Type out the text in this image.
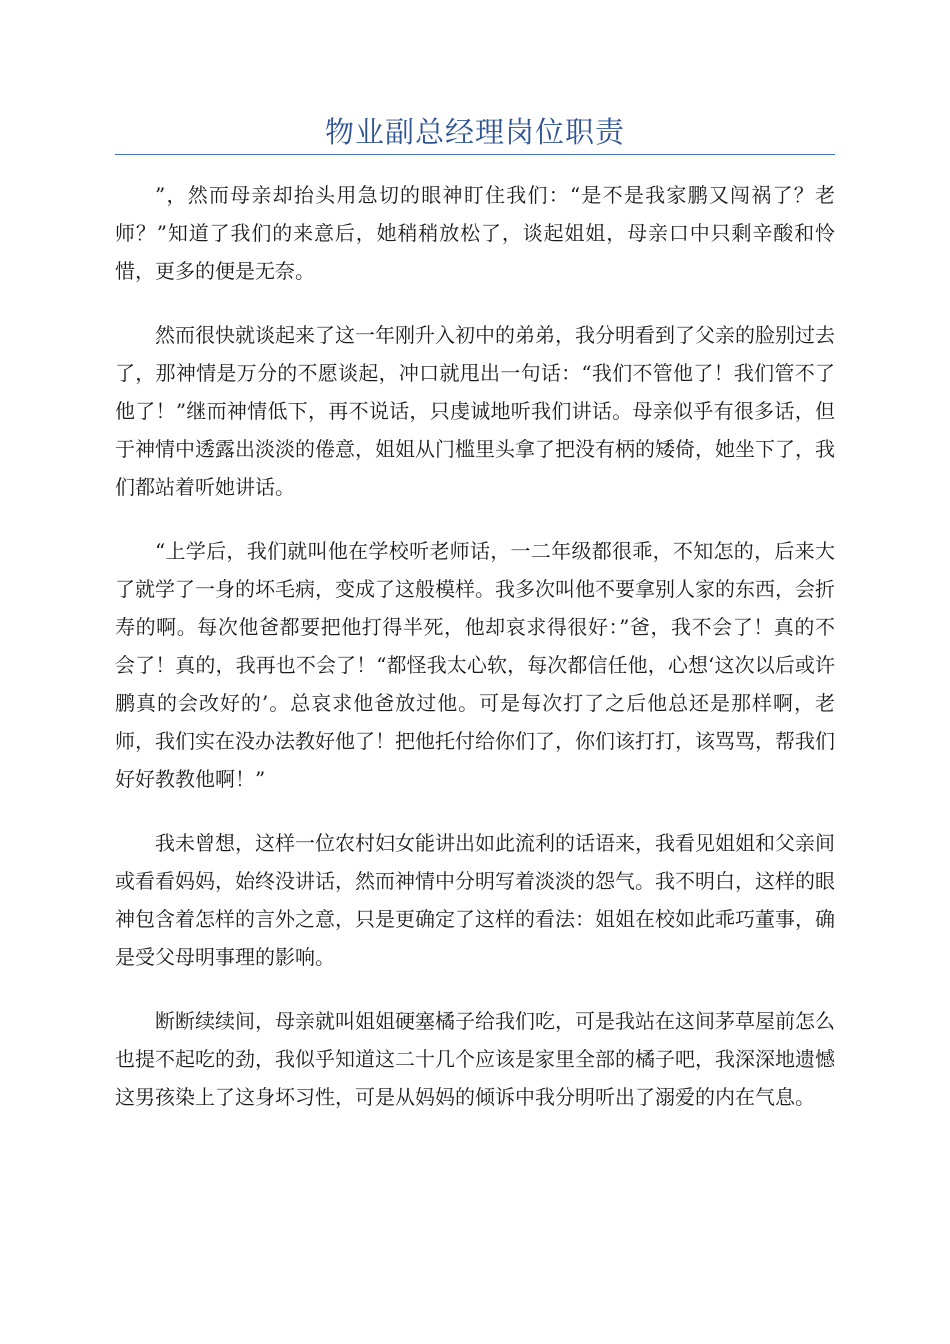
物业副总经理岗位职责

”，然而母亲却抬头用急切的眼神盯住我们：“是不是我家鹏又闯祸了？老师？”知道了我们的来意后，她稍稍放松了，谈起姐姐，母亲口中只剩辛酸和怜惜，更多的便是无奈。

然而很快就谈起来了这一年刚升入初中的弟弟，我分明看到了父亲的脸别过去了，那神情是万分的不愿谈起，冲口就甩出一句话：“我们不管他了！我们管不了他了！”继而神情低下，再不说话，只虔诚地听我们讲话。母亲似乎有很多话，但于神情中透露出淡淡的倦意，姐姐从门槛里头拿了把没有柄的矮倚，她坐下了，我们都站着听她讲话。

“上学后，我们就叫他在学校听老师话，一二年级都很乖，不知怎的，后来大了就学了一身的坏毛病，变成了这般模样。我多次叫他不要拿别人家的东西，会折寿的啊。每次他爸都要把他打得半死，他却哀求得很好：”爸，我不会了！真的不会了！真的，我再也不会了！“都怪我太心软，每次都信任他，心想‘这次以后或许鹏真的会改好的’。总哀求他爸放过他。可是每次打了之后他总还是那样啊，老师，我们实在没办法教好他了！把他托付给你们了，你们该打打，该骂骂，帮我们好好教教他啊！”

我未曾想，这样一位农村妇女能讲出如此流利的话语来，我看见姐姐和父亲间或看看妈妈，始终没讲话，然而神情中分明写着淡淡的怨气。我不明白，这样的眼神包含着怎样的言外之意，只是更确定了这样的看法：姐姐在校如此乖巧董事，确是受父母明事理的影响。

断断续续间，母亲就叫姐姐硬塞橘子给我们吃，可是我站在这间茅草屋前怎么也提不起吃的劲，我似乎知道这二十几个应该是家里全部的橘子吧，我深深地遗憾这男孩染上了这身坏习性，可是从妈妈的倾诉中我分明听出了溺爱的内在气息。
